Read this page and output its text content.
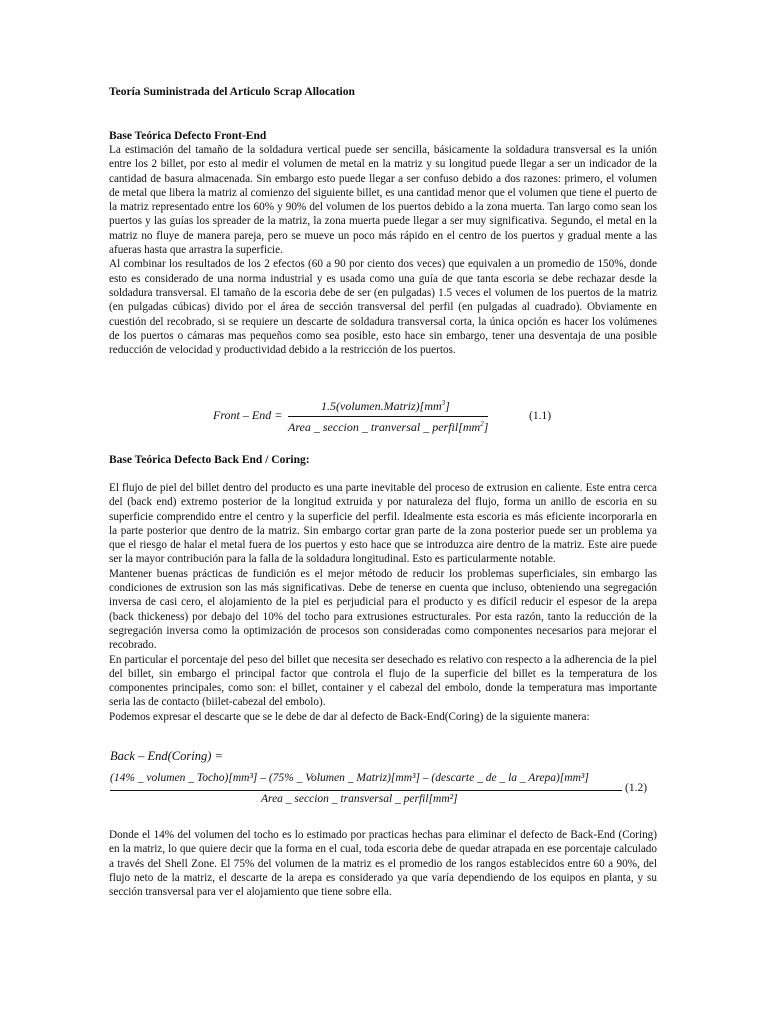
Teoría Suministrada del Articulo Scrap Allocation
Base Teórica Defecto Front-End

La estimación del tamaño de la soldadura vertical puede ser sencilla, básicamente la soldadura transversal es la unión entre los 2 billet, por esto al medir el volumen de metal en la matriz y su longitud puede llegar a ser un indicador de la cantidad de basura almacenada. Sin embargo esto puede llegar a ser confuso debido a dos razones: primero, el volumen de metal que libera la matriz al comienzo del siguiente billet, es una cantidad menor que el volumen que tiene el puerto de la matriz representado entre los 60% y 90% del volumen de los puertos debido a la zona muerta. Tan largo como sean los puertos y las guías los spreader de la matriz, la zona muerta puede llegar a ser muy significativa. Segundo, el metal en la matriz no fluye de manera pareja, pero se mueve un poco más rápido en el centro de los puertos y gradual mente a las afueras hasta que arrastra la superficie.

Al combinar los resultados de los 2 efectos (60 a 90 por ciento dos veces) que equivalen a un promedio de 150%, donde esto es considerado de una norma industrial y es usada como una guía de que tanta escoria se debe rechazar desde la soldadura transversal. El tamaño de la escoria debe de ser (en pulgadas) 1.5 veces el volumen de los puertos de la matriz (en pulgadas cúbicas) divido por el área de sección transversal del perfil (en pulgadas al cuadrado). Obviamente en cuestión del recobrado, si se requiere un descarte de soldadura transversal corta, la única opción es hacer los volúmenes de los puertos o cámaras mas pequeños como sea posible, esto hace sin embargo, tener una desventaja de una posible reducción de velocidad y productividad debido a la restricción de los puertos.

Front – End =
$1.5(volumen.Matriz)[mm^3]$
Area _ seccion _ tranversal _ $perfil[mm^2]$
(1.1)
Base Teórica Defecto Back End / Coring:

El flujo de piel del billet dentro del producto es una parte inevitable del proceso de extrusion en caliente. Este entra cerca del (back end) extremo posterior de la longitud extruida y por naturaleza del flujo, forma un anillo de escoria en su superficie comprendido entre el centro y la superficie del perfil. Idealmente esta escoria es más eficiente incorporarla en la parte posterior que dentro de la matriz. Sin embargo cortar gran parte de la zona posterior puede ser un problema ya que el riesgo de halar el metal fuera de los puertos y esto hace que se introduzca aire dentro de la matriz. Este aire puede ser la mayor contribución para la falla de la soldadura longitudinal. Esto es particularmente notable.

Mantener buenas prácticas de fundición es el mejor método de reducir los problemas superficiales, sin embargo las condiciones de extrusion son las más significativas. Debe de tenerse en cuenta que incluso, obteniendo una segregación inversa de casi cero, el alojamiento de la piel es perjudicial para el producto y es difícil reducir el espesor de la arepa (back thickeness) por debajo del 10% del tocho para extrusiones estructurales. Por esta razón, tanto la reducción de la segregación inversa como la optimización de procesos son consideradas como componentes necesarios para mejorar el recobrado.

En particular el porcentaje del peso del billet que necesita ser desechado es relativo con respecto a la adherencia de la piel del billet, sin embargo el principal factor que controla el flujo de la superficie del billet es la temperatura de los componentes principales, como son: el billet, container y el cabezal del embolo, donde la temperatura mas importante seria las de contacto (biilet-cabezal del embolo).

Podemos expresar el descarte que se le debe de dar al defecto de Back-End(Coring) de la siguiente manera:

Back – End(Coring) =
(14% _ volumen _ Tocho)[mm³] – (75% _ Volumen _ Matriz)[mm³] – (descarte _ de _ la _ Arepa)[mm³]
Area _ seccion _ transversal _ perfil[mm²]
(1.2)
Donde el 14% del volumen del tocho es lo estimado por practicas hechas para eliminar el defecto de Back-End (Coring) en la matriz, lo que quiere decir que la forma en el cual, toda escoria debe de quedar atrapada en ese porcentaje calculado a través del Shell Zone. El 75% del volumen de la matriz es el promedio de los rangos establecidos entre 60 a 90%, del flujo neto de la matriz, el descarte de la arepa es considerado ya que varía dependiendo de los equipos en planta, y su sección transversal para ver el alojamiento que tiene sobre ella.
